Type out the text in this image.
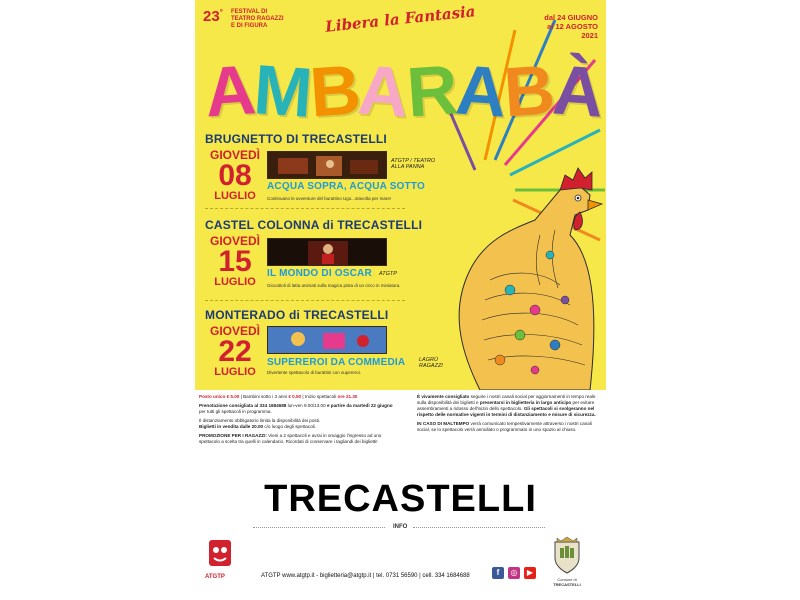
23° FESTIVAL DI
TEATRO RAGAZZI
E DI FIGURA	Libera la Fantasia	dal 24 GIUGNO
al 12 AGOSTO
2021
A
M
B
A
R
A
B
À
BRUGNETTO DI TRECASTELLI
GIOVEDÌ
08
LUGLIO
ATGTP / TEATRO ALLA PANNA
ACQUA SOPRA, ACQUA SOTTO
Continuano le avventure del burattino Ugo...stavolta per mare!
CASTEL COLONNA di TRECASTELLI
GIOVEDÌ
15
LUGLIO
IL MONDO DI OSCAR ATGTP
Giocattoli di latta animati sulla magica pista di un circo in miniatura.
MONTERADO di TRECASTELLI
GIOVEDÌ
22
LUGLIO
SUPEREROI DA COMMEDIA LAGRÙ RAGAZZI
Divertente spettacolo di burattini con supereroi.

Posto unico € 5.00 | Bambini sotto i 3 anni € 0.50 | Inizio spettacoli ore 21.30

Prenotazione consigliata al 334 1684688 lun-ven 9.00/13.00 e partire da martedì 22 giugno per tutti gli spettacoli in programma.

Il distanziamento obbligatorio limita la disponibilità dei posti.
Biglietti in vendita dalle 20.00 c/o luogo degli spettacoli.

PROMOZIONE PER I RAGAZZI: Vieni a 2 spettacoli e avrai in omaggio l'ingresso ad uno spettacolo a scelta tra quelli in calendario. Ricordati di conservare i tagliandi dei biglietti!

È vivamente consigliato seguire i nostri canali social per aggiornamenti in tempo reale sulla disponibilità dei biglietti e presentarsi in biglietteria in largo anticipo per evitare assembramenti a ridosso dell'inizio dello spettacolo. Gli spettacoli si svolgeranno nel rispetto delle normative vigenti in termini di distanziamento e misure di sicurezza.

IN CASO DI MALTEMPO verrà comunicato tempestivamente attraverso i nostri canali social, se lo spettacolo verrà annullato o programmato in uno spazio al chiuso.

TRECASTELLI
INFO
ATGTP	ATGTP www.atgtp.it - biglietteria@atgtp.it | tel. 0731 56590 | cell. 334 1684688	f	◎	▶
Comune di
TRECASTELLI
